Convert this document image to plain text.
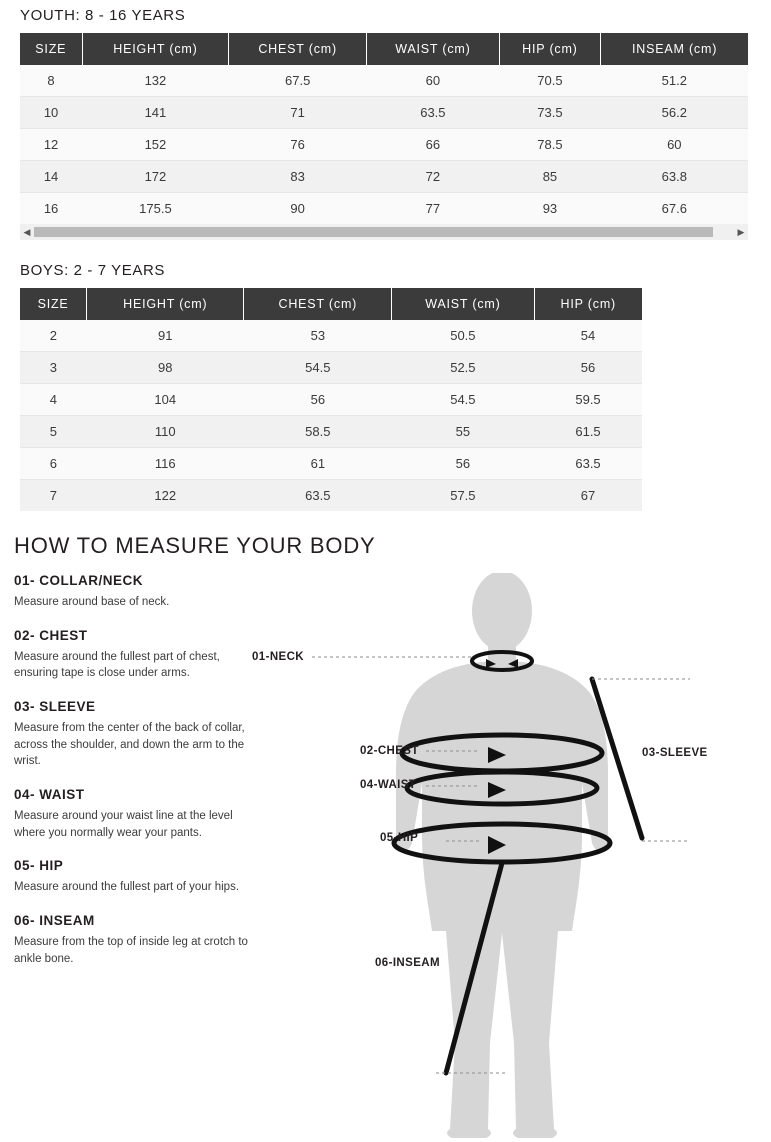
YOUTH: 8 - 16 YEARS
SIZE	HEIGHT (cm)	CHEST (cm)	WAIST (cm)	HIP (cm)	INSEAM (cm)
8	132	67.5	60	70.5	51.2
10	141	71	63.5	73.5	56.2
12	152	76	66	78.5	60
14	172	83	72	85	63.8
16	175.5	90	77	93	67.6
◀	▶
BOYS: 2 - 7 YEARS
SIZE	HEIGHT (cm)	CHEST (cm)	WAIST (cm)	HIP (cm)
2	91	53	50.5	54
3	98	54.5	52.5	56
4	104	56	54.5	59.5
5	110	58.5	55	61.5
6	116	61	56	63.5
7	122	63.5	57.5	67
HOW TO MEASURE YOUR BODY
01- COLLAR/NECK
Measure around base of neck.
02- CHEST
Measure around the fullest part of chest, ensuring tape is close under arms.
03- SLEEVE
Measure from the center of the back of collar, across the shoulder, and down the arm to the wrist.
04- WAIST
Measure around your waist line at the level where you normally wear your pants.
05- HIP
Measure around the fullest part of your hips.
06- INSEAM
Measure from the top of inside leg at crotch to ankle bone.
01-NECK
02-CHEST
04-WAIST
05-HIP
03-SLEEVE
06-INSEAM
